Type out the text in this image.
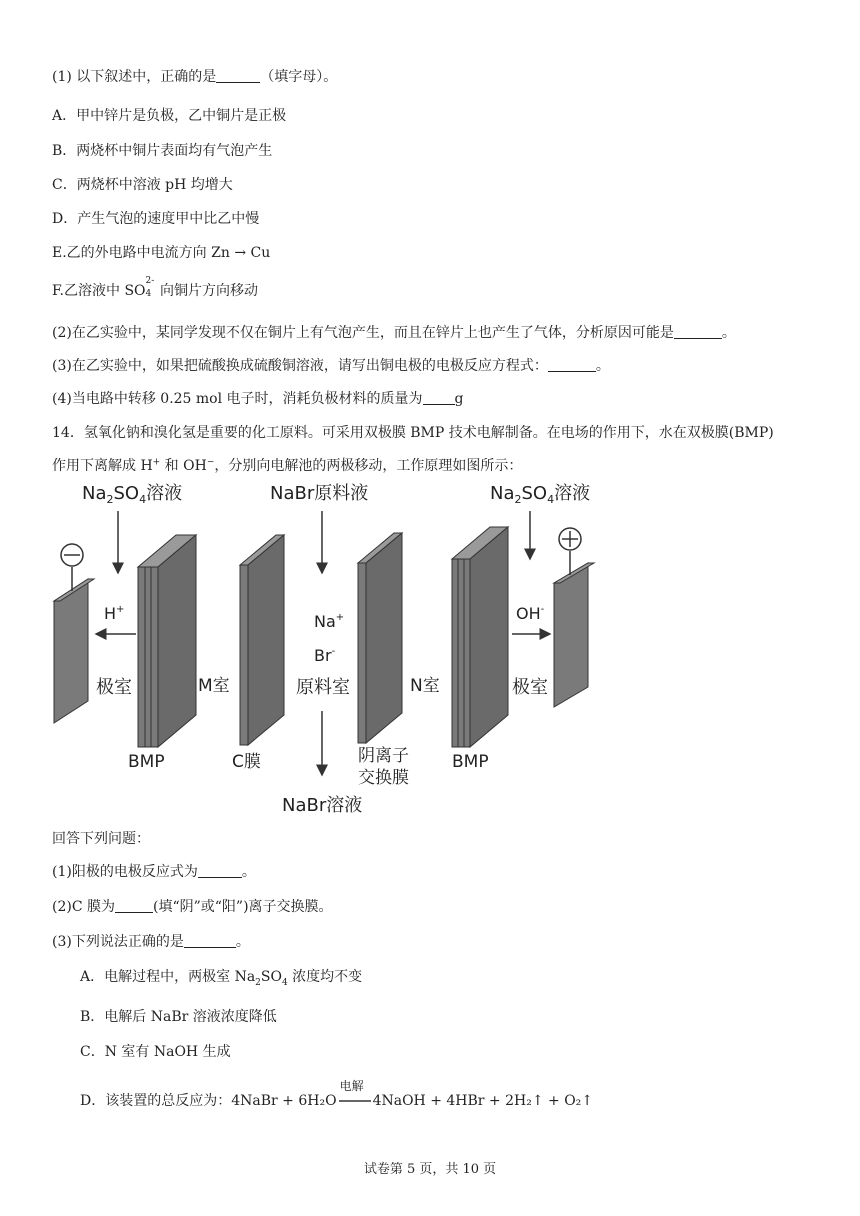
(1) 以下叙述中，正确的是	（填字母）。
A．甲中锌片是负极，乙中铜片是正极
B．两烧杯中铜片表面均有气泡产生
C．两烧杯中溶液 pH 均增大
D．产生气泡的速度甲中比乙中慢
E.乙的外电路中电流方向 Zn → Cu
F.乙溶液中 SO
2-
4 向铜片方向移动
(2)在乙实验中，某同学发现不仅在铜片上有气泡产生，而且在锌片上也产生了气体，分析原因可能是	。
(3)在乙实验中，如果把硫酸换成硫酸铜溶液，请写出铜电极的电极反应方程式：	。
(4)当电路中转移 0.25 mol 电子时，消耗负极材料的质量为 g
14．氢氧化钠和溴化氢是重要的化工原料。可采用双极膜 BMP 技术电解制备。在电场的作用下，水在双极膜(BMP)
作用下离解成 H+ 和 OH−，分别向电解池的两极移动，工作原理如图所示：
$Na_2SO_4$溶液	NaBr原料液	$Na_2SO_4$溶液
H+
Na+
Br-
OH-
极室	M室	原料室	N室	极室
BMP	C膜	阴离子
交换膜
BMP
NaBr溶液
回答下列问题：
(1)阳极的电极反应式为	。
(2)C 膜为	(填“阴”或“阳”)离子交换膜。
(3)下列说法正确的是	。
A．电解过程中，两极室 $Na_2SO_4$ 浓度均不变
B．电解后 NaBr 溶液浓度降低
C．N 室有 NaOH 生成
D．该装置的总反应为：4NaBr + 6H₂O
电解
4NaOH + 4HBr + 2H₂↑ + O₂↑
试卷第 5 页，共 10 页
